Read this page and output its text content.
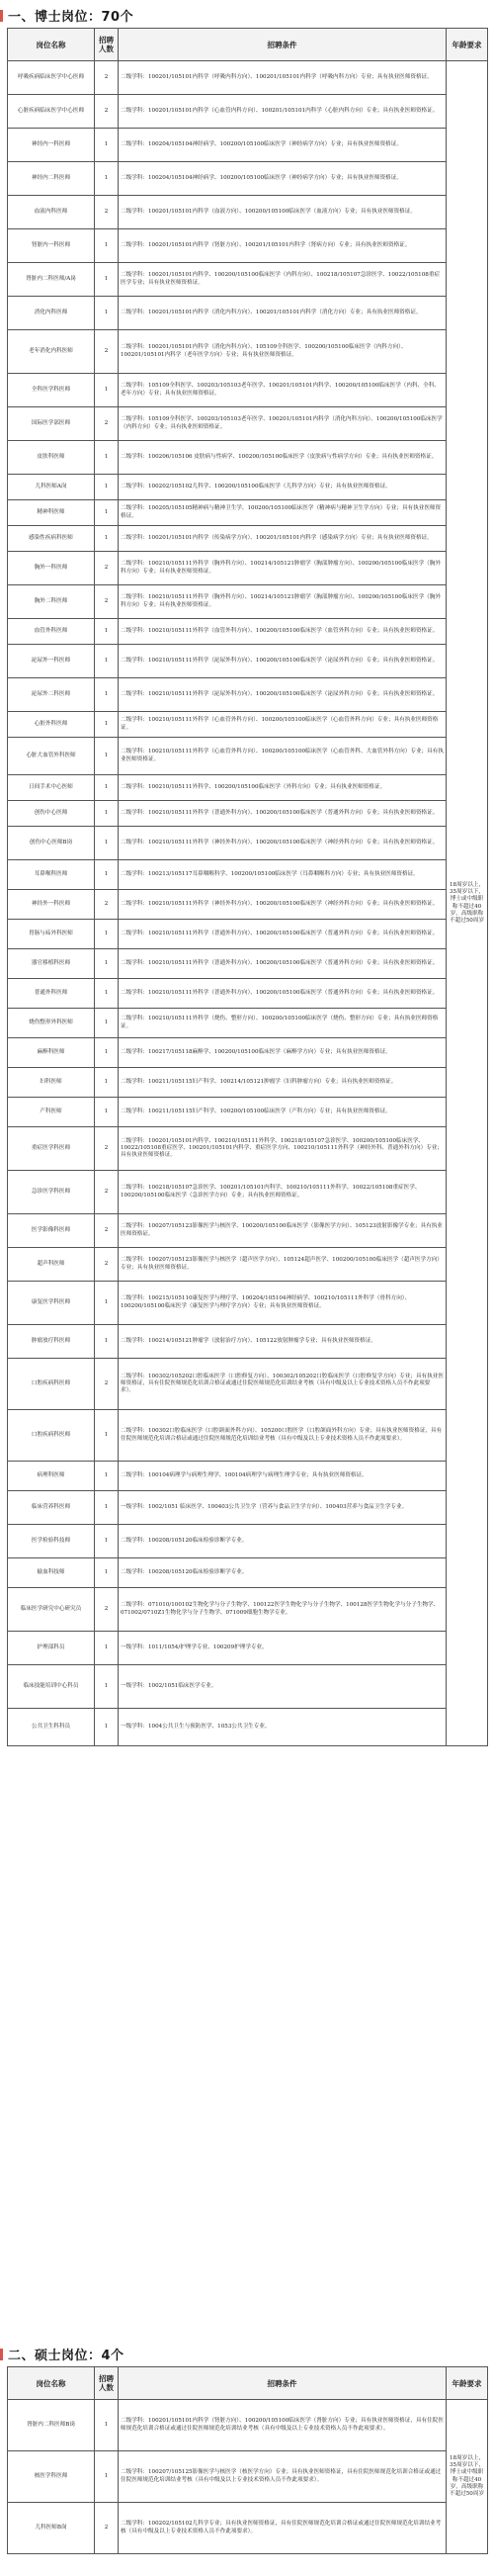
一、博士岗位：70个
岗位名称	招聘人数	招聘条件	年龄要求
呼吸疾病临床医学中心医师	2	二级学科：100201/105101内科学（呼吸内科方向）、100201/105101内科学（呼吸内科方向）专业；具有执业医师资格证。	18周岁以上，35周岁以下，博士或中级职称不超过40岁，高级职称不超过50周岁
心脏疾病临床医学中心医师	2	二级学科：100201/105101内科学（心血管内科方向）、100201/105101内科学（心脏内科方向）专业；具有执业医师资格证。	
神经内一科医师	1	二级学科：100204/105104神经病学、100200/105100临床医学（神经病学方向）专业；具有执业医师资格证。	
神经内二科医师	1	二级学科：100204/105104神经病学、100200/105100临床医学（神经病学方向）专业；具有执业医师资格证。	
血液内科医师	2	二级学科：100201/105101内科学（血液方向）、100200/105100临床医学（血液方向）专业；具有执业医师资格证。	
肾脏内一科医师	1	二级学科：100201/105101内科学（肾脏方向）、100201/105101内科学（肾病方向）专业；具有执业医师资格证。	
肾脏内二科医师/A岗	1	二级学科：100201/105101内科学、100200/105100临床医学（内科方向）、100218/105107急诊医学、10022/105108重症医学专业；具有执业医师资格证。	
消化内科医师	1	二级学科：100201/105101内科学（消化内科方向）、100201/105101内科学（消化方向）专业；具有执业医师资格证。	
老年消化内科医师	2	二级学科：100201/105101内科学（消化内科方向）、105109全科医学、100200/105100临床医学（内科方向）、100201/105101内科学（老年医学方向）专业；具有执业医师资格证。	
全科医学科医师	1	二级学科：105109全科医学、100203/105103老年医学、100201/105101内科学、100200/105100临床医学（内科、全科、老年方向）专业；具有执业医师资格证。	
国际医学部医师	2	二级学科：105109全科医学、100203/105103老年医学、100201/105101内科学（消化内科方向）、100200/105100临床医学（内科方向）专业；具有执业医师资格证。	
皮肤科医师	1	二级学科：100206/105106 皮肤病与性病学、100200/105100临床医学（皮肤病与性病学方向）专业；具有执业医师资格证。	
儿科医师A岗	1	二级学科：100202/105102儿科学、100200/105100临床医学（儿科学方向）专业；具有执业医师资格证。	
精神科医师	1	二级学科：100205/105105精神病与精神卫生学、100200/105100临床医学（精神病与精神卫生学方向）专业；具有执业医师资格证。	
感染性疾病科医师	1	二级学科：100201/105101内科学（传染病学方向）、100201/105101内科学（感染病学方向）专业；具有执业医师资格证。	
胸外一科医师	2	二级学科：100210/105111外科学（胸外科方向）、100214/105121肿瘤学（胸部肿瘤方向）、100200/105100临床医学（胸外科方向）专业；具有执业医师资格证。	
胸外二科医师	2	二级学科：100210/105111外科学（胸外科方向）、100214/105121肿瘤学（胸部肿瘤方向）、100200/105100临床医学（胸外科方向）专业；具有执业医师资格证。	
血管外科医师	1	二级学科：100210/105111外科学（血管外科方向）、100200/105100临床医学（血管外科方向）专业；具有执业医师资格证。	
泌尿外一科医师	1	二级学科：100210/105111外科学（泌尿外科方向）、100200/105100临床医学（泌尿外科方向）专业；具有执业医师资格证。	
泌尿外二科医师	1	二级学科：100210/105111外科学（泌尿外科方向）、100200/105100临床医学（泌尿外科方向）专业；具有执业医师资格证。	
心脏外科医师	1	二级学科：100210/105111外科学（心血管外科方向）、100200/105100临床医学（心血管外科方向）专业；具有执业医师资格证。	
心脏大血管外科医师	1	二级学科：100210/105111外科学（心血管外科方向）、100200/105100临床医学（心血管外科、大血管外科方向）专业；具有执业医师资格证。	
日间手术中心医师	1	二级学科：100210/105111外科学、100200/105100临床医学（外科方向）专业；具有执业医师资格证。	
创伤中心医师	1	二级学科：100210/105111外科学（普通外科方向）、100200/105100临床医学（普通外科方向）专业；具有执业医师资格证。	
创伤中心医师B岗	1	二级学科：100210/105111外科学（神经外科方向）、100200/105100临床医学（神经外科方向）专业；具有执业医师资格证。	
耳鼻喉科医师	1	二级学科：100213/105117耳鼻咽喉科学、100200/105100临床医学（耳鼻咽喉科方向）专业；具有执业医师资格证。	
神经外一科医师	2	二级学科：100210/105111外科学（神经外科方向）、100200/105100临床医学（神经外科方向）专业；具有执业医师资格证。	
胃肠与疝外科医师	1	二级学科：100210/105111外科学（普通外科方向）、100200/105100临床医学（普通外科方向）专业；具有执业医师资格证。	
器官移植科医师	1	二级学科：100210/105111外科学（普通外科方向）、100200/105100临床医学（普通外科方向）专业；具有执业医师资格证。	
普通外科医师	1	二级学科：100210/105111外科学（普通外科方向）、100200/105100临床医学（普通外科方向）专业；具有执业医师资格证。	
烧伤整形外科医师	1	二级学科：100210/105111外科学（烧伤、整形方向）、100200/105100临床医学（烧伤、整形方向）专业；具有执业医师资格证。	
麻醉科医师	1	二级学科：100217/105118麻醉学、100200/105100临床医学（麻醉学方向）专业；具有执业医师资格证。	
妇科医师	1	二级学科：100211/105115妇产科学、100214/105121肿瘤学（妇科肿瘤方向）专业；具有执业医师资格证。	
产科医师	1	二级学科：100211/105115妇产科学、100200/105100临床医学（产科方向）专业；具有执业医师资格证。	
重症医学科医师	2	二级学科：100201/105101内科学、100210/105111外科学、100218/105107急诊医学、100200/105100临床医学、10022/105108重症医学、100201/105101内科学、重症医学方向、100210/105111外科学（神经外科、普通外科方向）专业；具有执业医师资格证。	
急诊医学科医师	2	二级学科：100218/105107急诊医学、100201/105101内科学、100210/105111外科学、10022/105108重症医学、100200/105100临床医学（急诊医学方向）专业；具有执业医师资格证。	
医学影像科医师	2	二级学科：100207/105123影像医学与核医学、100200/105100临床医学（影像医学方向）、105123放射影像学专业；具有执业医师资格证。	
超声科医师	2	二级学科：100207/105123影像医学与核医学（超声医学方向）、105124超声医学、100200/105100临床医学（超声医学方向）专业；具有执业医师资格证。	
康复医学科医师	1	二级学科：100215/105110康复医学与理疗学、100204/105104神经病学、100210/105111外科学（骨科方向）、100200/105100临床医学（康复医学与理疗学方向）专业；具有执业医师资格证。	
肿瘤放疗科医师	1	二级学科：100214/105121肿瘤学（放射治疗方向）、105122放射肿瘤学专业；具有执业医师资格证。	
口腔疾病科医师	2	二级学科：100302/105202口腔临床医学（口腔修复方向）、100302/105202口腔临床医学（口腔修复学方向）专业；具有执业医师资格证，具有住院医师规范化培训合格证或通过住院医师规范化培训结业考核（具有中级及以上专业技术资格人员不作此项要求）。	
口腔疾病科医师	1	二级学科：100302口腔临床医学（口腔颌面外科方向）、105200口腔医学（口腔颌面外科方向）专业；具有执业医师资格证，具有住院医师规范化培训合格证或通过住院医师规范化培训结业考核（具有中级及以上专业技术资格人员不作此项要求）。	
病理科医师	1	二级学科：100104病理学与病理生理学、100104病理学与病理生理学专业；具有执业医师资格证。	
临床营养科医师	1	一级学科：1002/1051 临床医学、100403公共卫生学（营养与食品卫生学方向）、100403营养与食品卫生学专业。	
医学检验科技师	1	二级学科：100208/105120临床检验诊断学专业。	
输血科技师	1	二级学科：100208/105120临床检验诊断学专业。	
临床医学研究中心研究员	2	二级学科：071010/100102生物化学与分子生物学、100122医学生物化学与分子生物学、100128医学生物化学与分子生物学、071002/0710Z1生物化学与分子生物学、071009细胞生物学专业。	
护理部科员	1	一级学科：1011/1054/护理学专业、100209护理学专业。	
临床技能培训中心科员	1	一级学科：1002/1051临床医学专业。	
公共卫生科科员	1	一级学科：1004公共卫生与预防医学、1053公共卫生专业。	
二、硕士岗位：4个
岗位名称	招聘人数	招聘条件	年龄要求
肾脏内二科医师B岗	1	二级学科：100201/105101内科学（肾脏方向）、100200/105100临床医学（肾脏方向）专业；具有执业医师资格证，具有住院医师规范化培训合格证或通过住院医师规范化培训结业考核（具有中级及以上专业技术资格人员不作此项要求）。	18周岁以上，35周岁以下，博士或中级职称不超过40岁，高级职称不超过50周岁
核医学科医师	1	二级学科：100207/105125影像医学与核医学（核医学方向）专业；具有执业医师资格证，具有住院医师规范化培训合格证或通过住院医师规范化培训结业考核（具有中级及以上专业技术资格人员不作此项要求）。	
儿科医师B岗	2	二级学科：100202/105102儿科学专业；具有执业医师资格证，具有住院医师规范化培训合格证或通过住院医师规范化培训结业考核（具有中级及以上专业技术资格人员不作此项要求）。	
